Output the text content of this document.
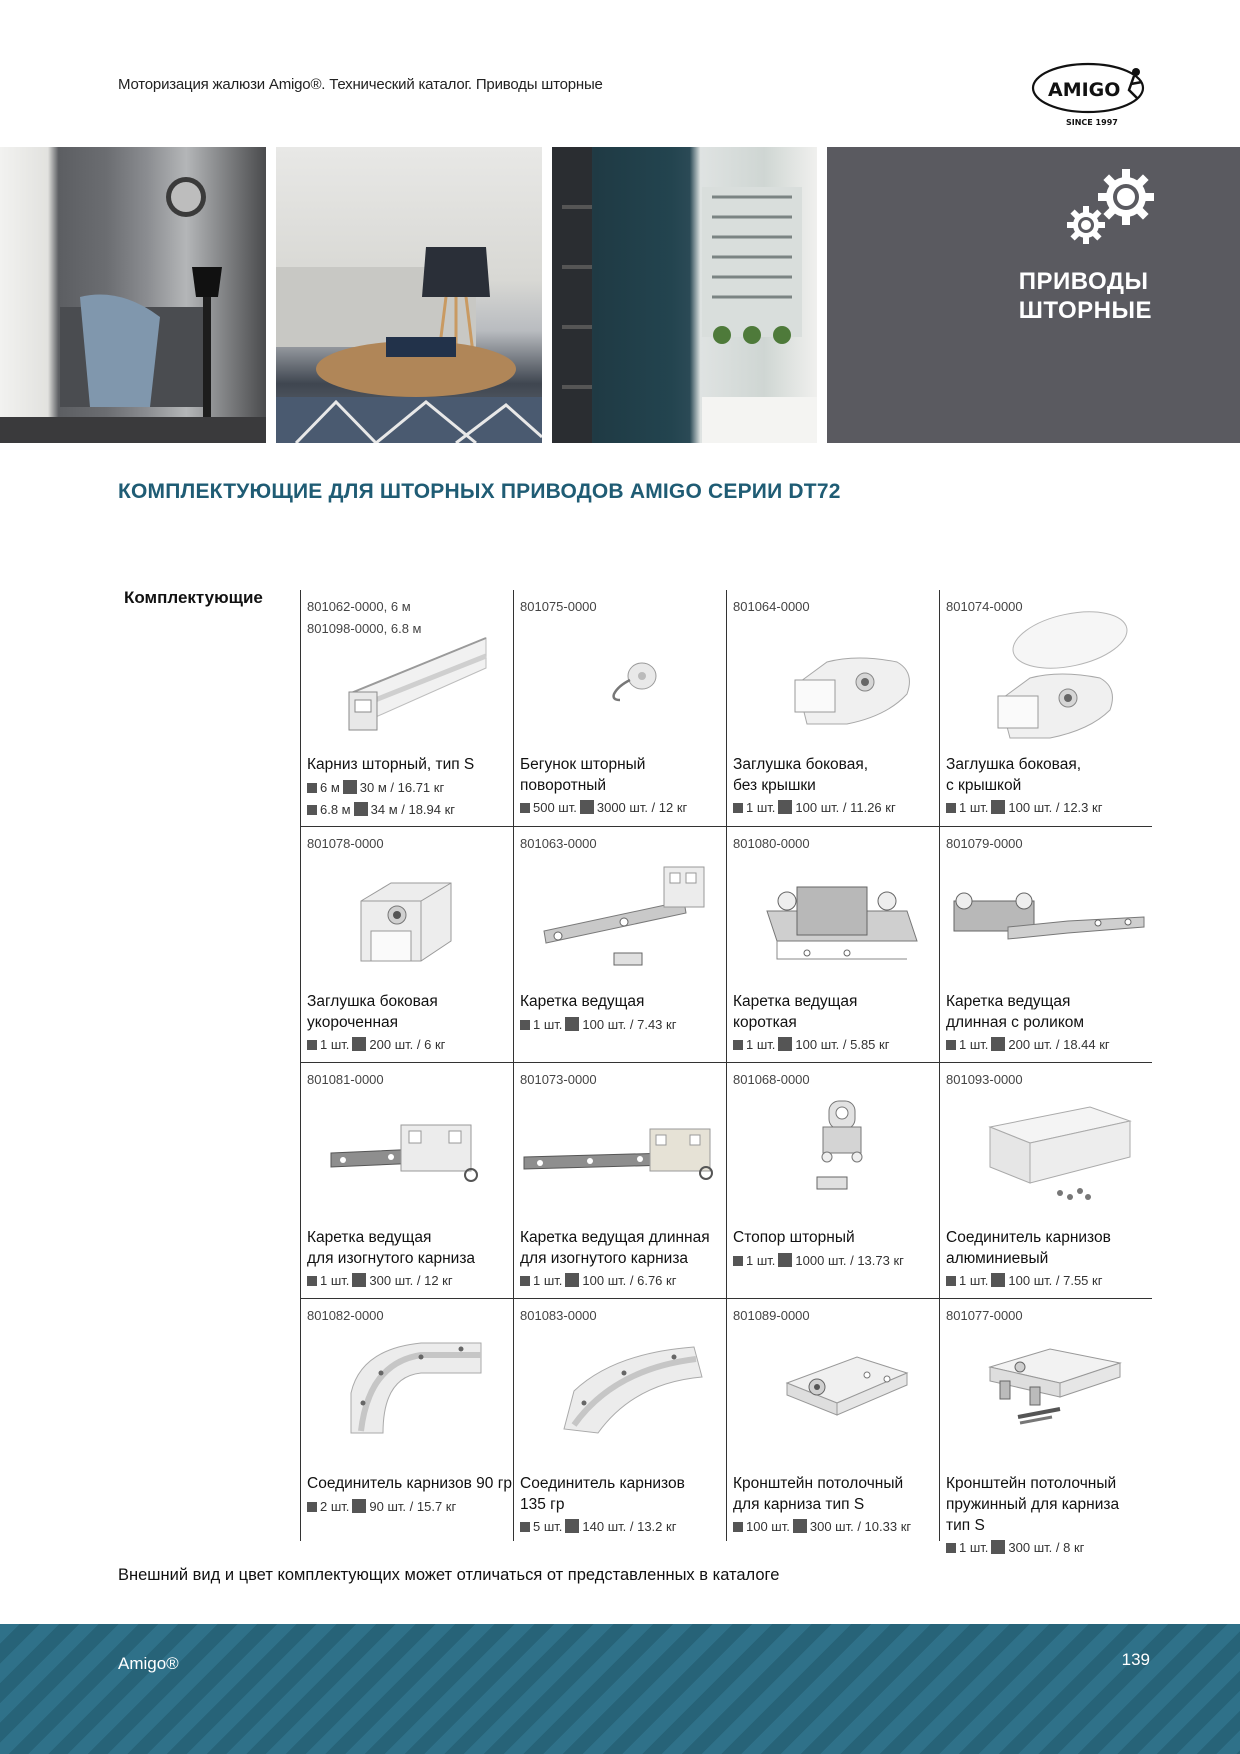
Моторизация жалюзи Amigo®. Технический каталог. Приводы шторные	AMIGO
SINCE 1997
ПРИВОДЫ
ШТОРНЫЕ
КОМПЛЕКТУЮЩИЕ ДЛЯ ШТОРНЫХ ПРИВОДОВ AMIGO СЕРИИ DT72
Комплектующие	801062-0000, 6 м
801098-0000, 6.8 м
Карниз шторный, тип S
6 м 30 м / 16.71 кг
6.8 м 34 м / 18.94 кг
801075-0000
Бегунок шторный
поворотный
500 шт. 3000 шт. / 12 кг
801064-0000
Заглушка боковая,
без крышки
1 шт. 100 шт. / 11.26 кг
801074-0000
Заглушка боковая,
с крышкой
1 шт. 100 шт. / 12.3 кг
801078-0000
Заглушка боковая
укороченная
1 шт. 200 шт. / 6 кг
801063-0000
Каретка ведущая
1 шт. 100 шт. / 7.43 кг
801080-0000
Каретка ведущая
короткая
1 шт. 100 шт. / 5.85 кг
801079-0000
Каретка ведущая
длинная с роликом
1 шт. 200 шт. / 18.44 кг
801081-0000
Каретка ведущая
для изогнутого карниза
1 шт. 300 шт. / 12 кг
801073-0000
Каретка ведущая длинная
для изогнутого карниза
1 шт. 100 шт. / 6.76 кг
801068-0000
Стопор шторный
1 шт. 1000 шт. / 13.73 кг
801093-0000
Соединитель карнизов
алюминиевый
1 шт. 100 шт. / 7.55 кг
801082-0000
Соединитель карнизов 90 гр
2 шт. 90 шт. / 15.7 кг
801083-0000
Соединитель карнизов
135 гр
5 шт. 140 шт. / 13.2 кг
801089-0000
Кронштейн потолочный
для карниза тип S
100 шт. 300 шт. / 10.33 кг
801077-0000
Кронштейн потолочный
пружинный для карниза
тип S
1 шт. 300 шт. / 8 кг
Внешний вид и цвет комплектующих может отличаться от представленных в каталоге
Amigo®	139
